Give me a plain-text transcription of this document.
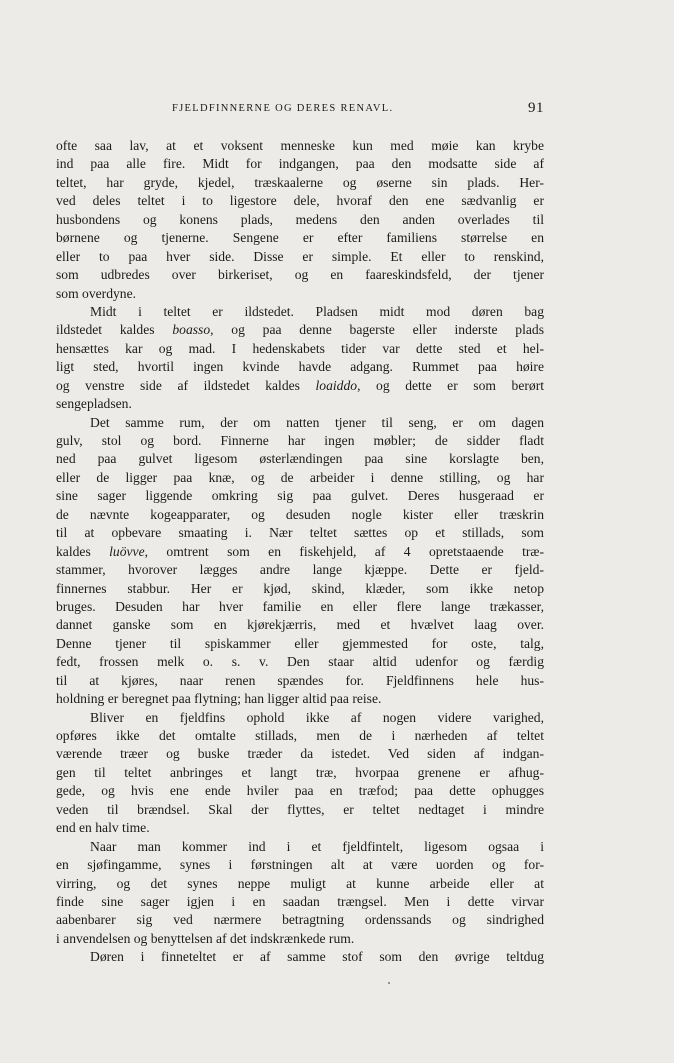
FJELDFINNERNE OG DERES RENAVL.	91
ofte saa lav, at et voksent menneske kun med møie kan krybe
ind paa alle fire. Midt for indgangen, paa den modsatte side af
teltet, har gryde, kjedel, træskaalerne og øserne sin plads. Her-
ved deles teltet i to ligestore dele, hvoraf den ene sædvanlig er
husbondens og konens plads, medens den anden overlades til
børnene og tjenerne. Sengene er efter familiens størrelse en
eller to paa hver side. Disse er simple. Et eller to renskind,
som udbredes over birkeriset, og en faareskindsfeld, der tjener
som overdyne.
Midt i teltet er ildstedet. Pladsen midt mod døren bag
ildstedet kaldes boasso, og paa denne bagerste eller inderste plads
hensættes kar og mad. I hedenskabets tider var dette sted et hel-
ligt sted, hvortil ingen kvinde havde adgang. Rummet paa høire
og venstre side af ildstedet kaldes loaiddo, og dette er som berørt
sengepladsen.
Det samme rum, der om natten tjener til seng, er om dagen
gulv, stol og bord. Finnerne har ingen møbler; de sidder fladt
ned paa gulvet ligesom østerlændingen paa sine korslagte ben,
eller de ligger paa knæ, og de arbeider i denne stilling, og har
sine sager liggende omkring sig paa gulvet. Deres husgeraad er
de nævnte kogeapparater, og desuden nogle kister eller træskrin
til at opbevare smaating i. Nær teltet sættes op et stillads, som
kaldes luövve, omtrent som en fiskehjeld, af 4 opretstaaende træ-
stammer, hvorover lægges andre lange kjæppe. Dette er fjeld-
finnernes stabbur. Her er kjød, skind, klæder, som ikke netop
bruges. Desuden har hver familie en eller flere lange trækasser,
dannet ganske som en kjørekjærris, med et hvælvet laag over.
Denne tjener til spiskammer eller gjemmested for oste, talg,
fedt, frossen melk o. s. v. Den staar altid udenfor og færdig
til at kjøres, naar renen spændes for. Fjeldfinnens hele hus-
holdning er beregnet paa flytning; han ligger altid paa reise.
Bliver en fjeldfins ophold ikke af nogen videre varighed,
opføres ikke det omtalte stillads, men de i nærheden af teltet
værende træer og buske træder da istedet. Ved siden af indgan-
gen til teltet anbringes et langt træ, hvorpaa grenene er afhug-
gede, og hvis ene ende hviler paa en træfod; paa dette ophugges
veden til brændsel. Skal der flyttes, er teltet nedtaget i mindre
end en halv time.
Naar man kommer ind i et fjeldfintelt, ligesom ogsaa i
en sjøfingamme, synes i førstningen alt at være uorden og for-
virring, og det synes neppe muligt at kunne arbeide eller at
finde sine sager igjen i en saadan trængsel. Men i dette virvar
aabenbarer sig ved nærmere betragtning ordenssands og sindrighed
i anvendelsen og benyttelsen af det indskrænkede rum.
Døren i finneteltet er af samme stof som den øvrige teltdug
